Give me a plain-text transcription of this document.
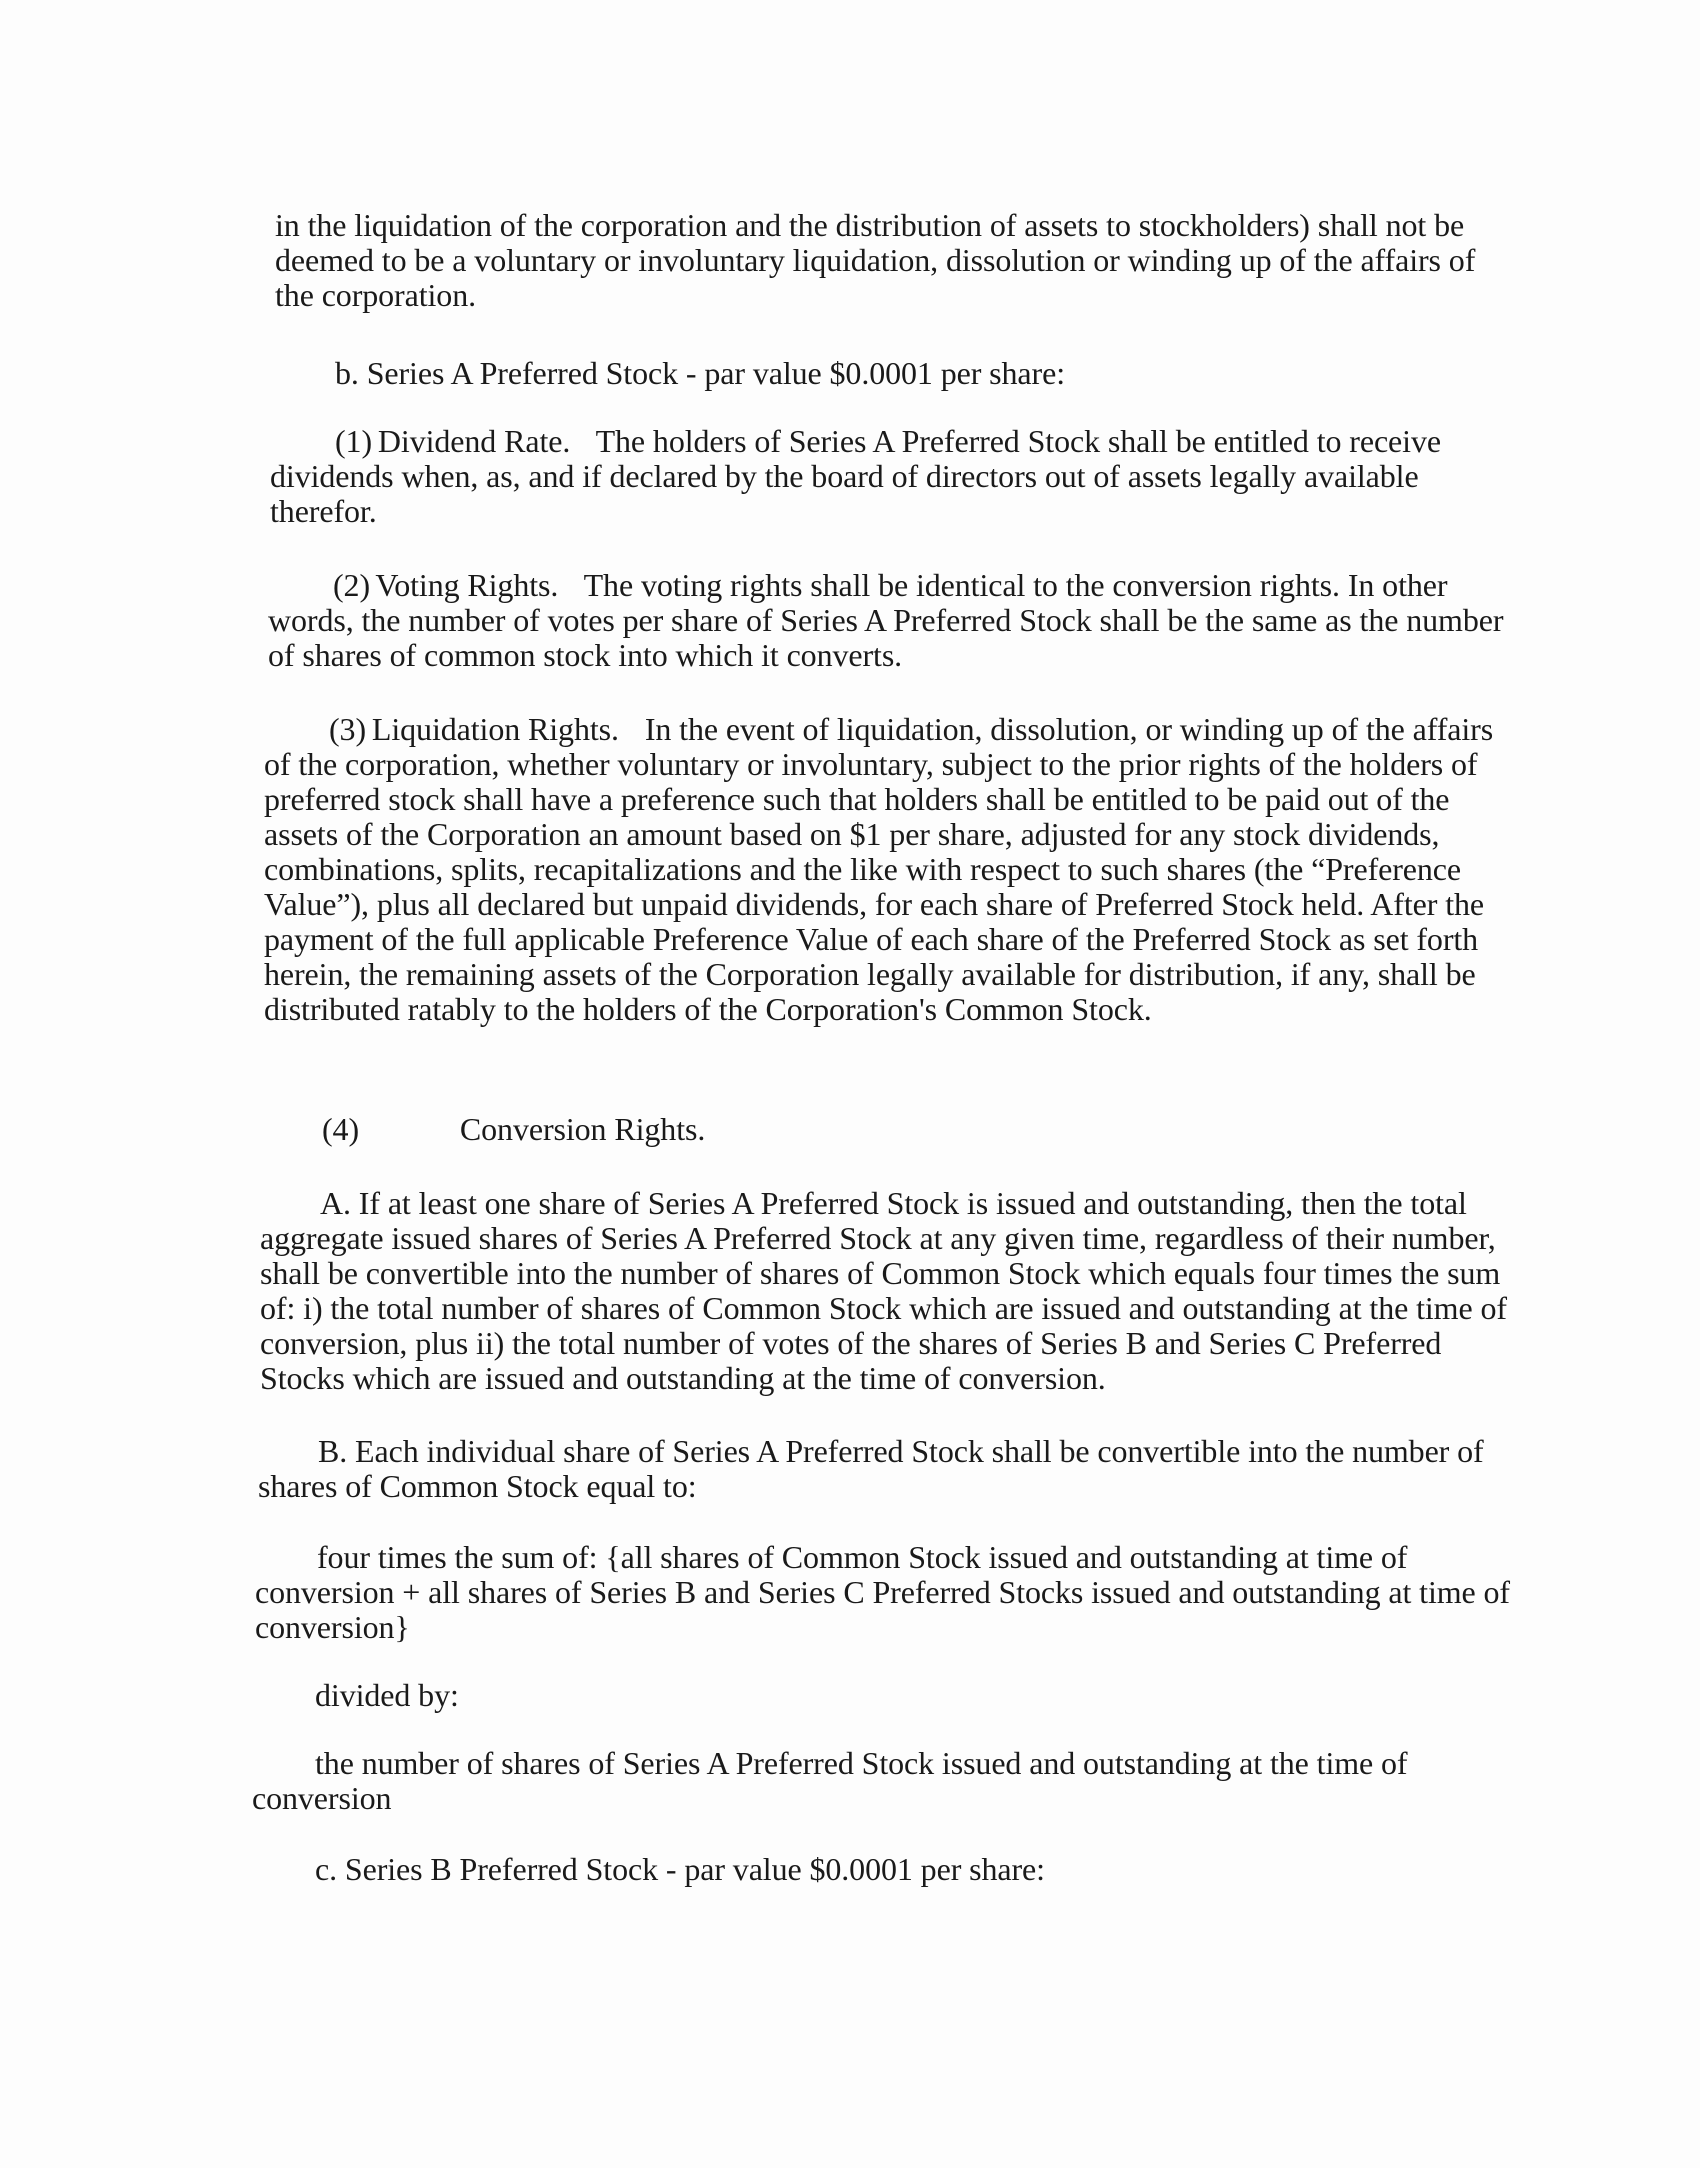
in the liquidation of the corporation and the distribution of assets to stockholders) shall not be deemed to be a voluntary or involuntary liquidation, dissolution or winding up of the affairs of the corporation.

b. Series A Preferred Stock - par value $0.0001 per share:

(1) Dividend Rate. The holders of Series A Preferred Stock shall be entitled to receive dividends when, as, and if declared by the board of directors out of assets legally available therefor.

(2) Voting Rights. The voting rights shall be identical to the conversion rights. In other words, the number of votes per share of Series A Preferred Stock shall be the same as the number of shares of common stock into which it converts.

(3) Liquidation Rights. In the event of liquidation, dissolution, or winding up of the affairs of the corporation, whether voluntary or involuntary, subject to the prior rights of the holders of preferred stock shall have a preference such that holders shall be entitled to be paid out of the assets of the Corporation an amount based on $1 per share, adjusted for any stock dividends, combinations, splits, recapitalizations and the like with respect to such shares (the “Preference Value”), plus all declared but unpaid dividends, for each share of Preferred Stock held. After the payment of the full applicable Preference Value of each share of the Preferred Stock as set forth herein, the remaining assets of the Corporation legally available for distribution, if any, shall be distributed ratably to the holders of the Corporation's Common Stock.

(4)	Conversion Rights.

A. If at least one share of Series A Preferred Stock is issued and outstanding, then the total aggregate issued shares of Series A Preferred Stock at any given time, regardless of their number, shall be convertible into the number of shares of Common Stock which equals four times the sum of: i) the total number of shares of Common Stock which are issued and outstanding at the time of conversion, plus ii) the total number of votes of the shares of Series B and Series C Preferred Stocks which are issued and outstanding at the time of conversion.

B. Each individual share of Series A Preferred Stock shall be convertible into the number of shares of Common Stock equal to:

four times the sum of: {all shares of Common Stock issued and outstanding at time of conversion + all shares of Series B and Series C Preferred Stocks issued and outstanding at time of conversion}

divided by:

the number of shares of Series A Preferred Stock issued and outstanding at the time of conversion

c. Series B Preferred Stock - par value $0.0001 per share:
